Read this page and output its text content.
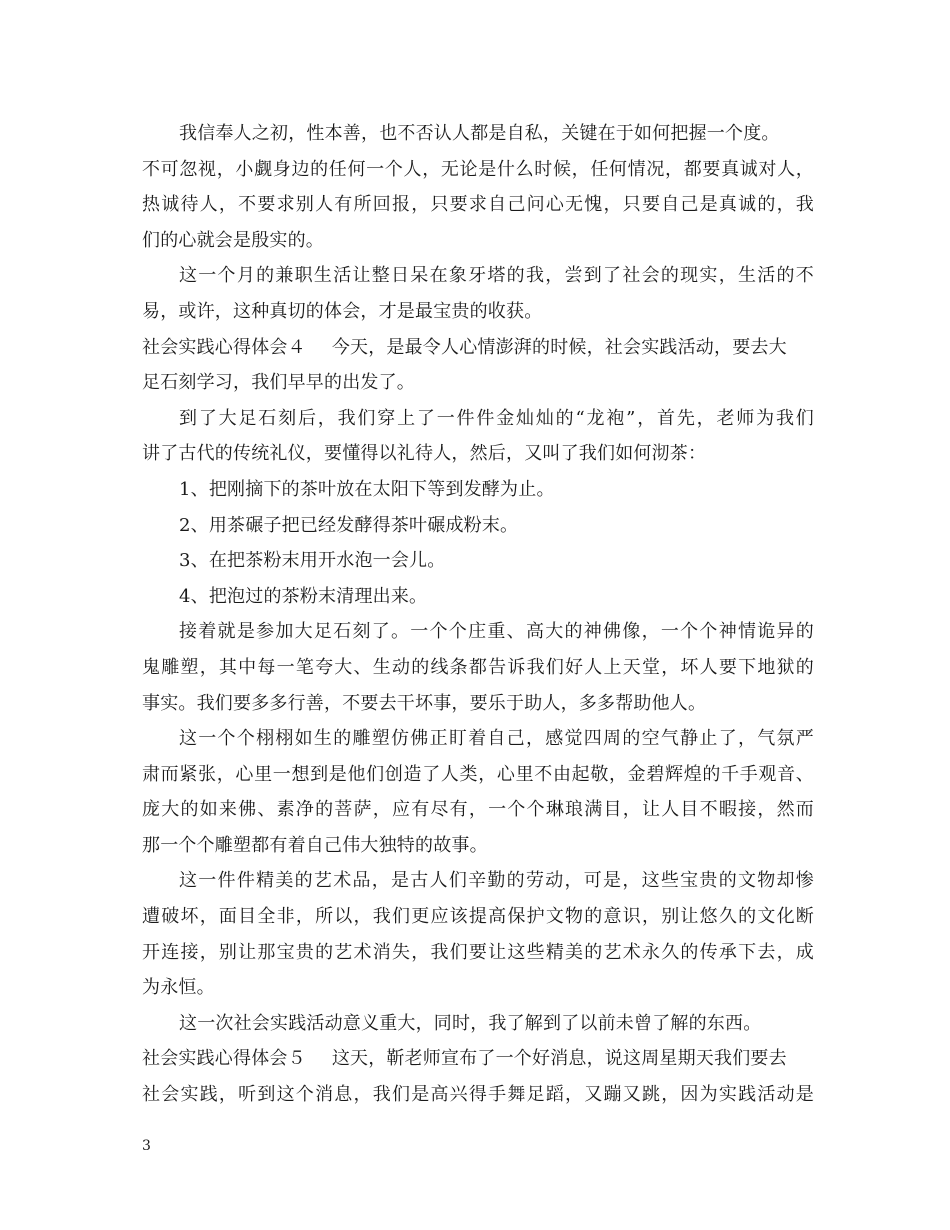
我信奉人之初，性本善，也不否认人都是自私，关键在于如何把握一个度。
不可忽视，小觑身边的任何一个人，无论是什么时候，任何情况，都要真诚对人，
热诚待人，不要求别人有所回报，只要求自己问心无愧，只要自己是真诚的，我
们的心就会是殷实的。
这一个月的兼职生活让整日呆在象牙塔的我，尝到了社会的现实，生活的不
易，或许，这种真切的体会，才是最宝贵的收获。
社会实践心得体会４ 今天，是最令人心情澎湃的时候，社会实践活动，要去大
足石刻学习，我们早早的出发了。
到了大足石刻后，我们穿上了一件件金灿灿的“龙袍”，首先，老师为我们
讲了古代的传统礼仪，要懂得以礼待人，然后，又叫了我们如何沏茶：
1、把刚摘下的茶叶放在太阳下等到发酵为止。
2、用茶碾子把已经发酵得茶叶碾成粉末。
3、在把茶粉末用开水泡一会儿。
4、把泡过的茶粉末清理出来。
接着就是参加大足石刻了。一个个庄重、高大的神佛像，一个个神情诡异的
鬼雕塑，其中每一笔夸大、生动的线条都告诉我们好人上天堂，坏人要下地狱的
事实。我们要多多行善，不要去干坏事，要乐于助人，多多帮助他人。
这一个个栩栩如生的雕塑仿佛正盯着自己，感觉四周的空气静止了，气氛严
肃而紧张，心里一想到是他们创造了人类，心里不由起敬，金碧辉煌的千手观音、
庞大的如来佛、素净的菩萨，应有尽有，一个个琳琅满目，让人目不暇接，然而
那一个个雕塑都有着自己伟大独特的故事。
这一件件精美的艺术品，是古人们辛勤的劳动，可是，这些宝贵的文物却惨
遭破坏，面目全非，所以，我们更应该提高保护文物的意识，别让悠久的文化断
开连接，别让那宝贵的艺术消失，我们要让这些精美的艺术永久的传承下去，成
为永恒。
这一次社会实践活动意义重大，同时，我了解到了以前未曾了解的东西。
社会实践心得体会５ 这天，靳老师宣布了一个好消息，说这周星期天我们要去
社会实践，听到这个消息，我们是高兴得手舞足蹈，又蹦又跳，因为实践活动是
3
